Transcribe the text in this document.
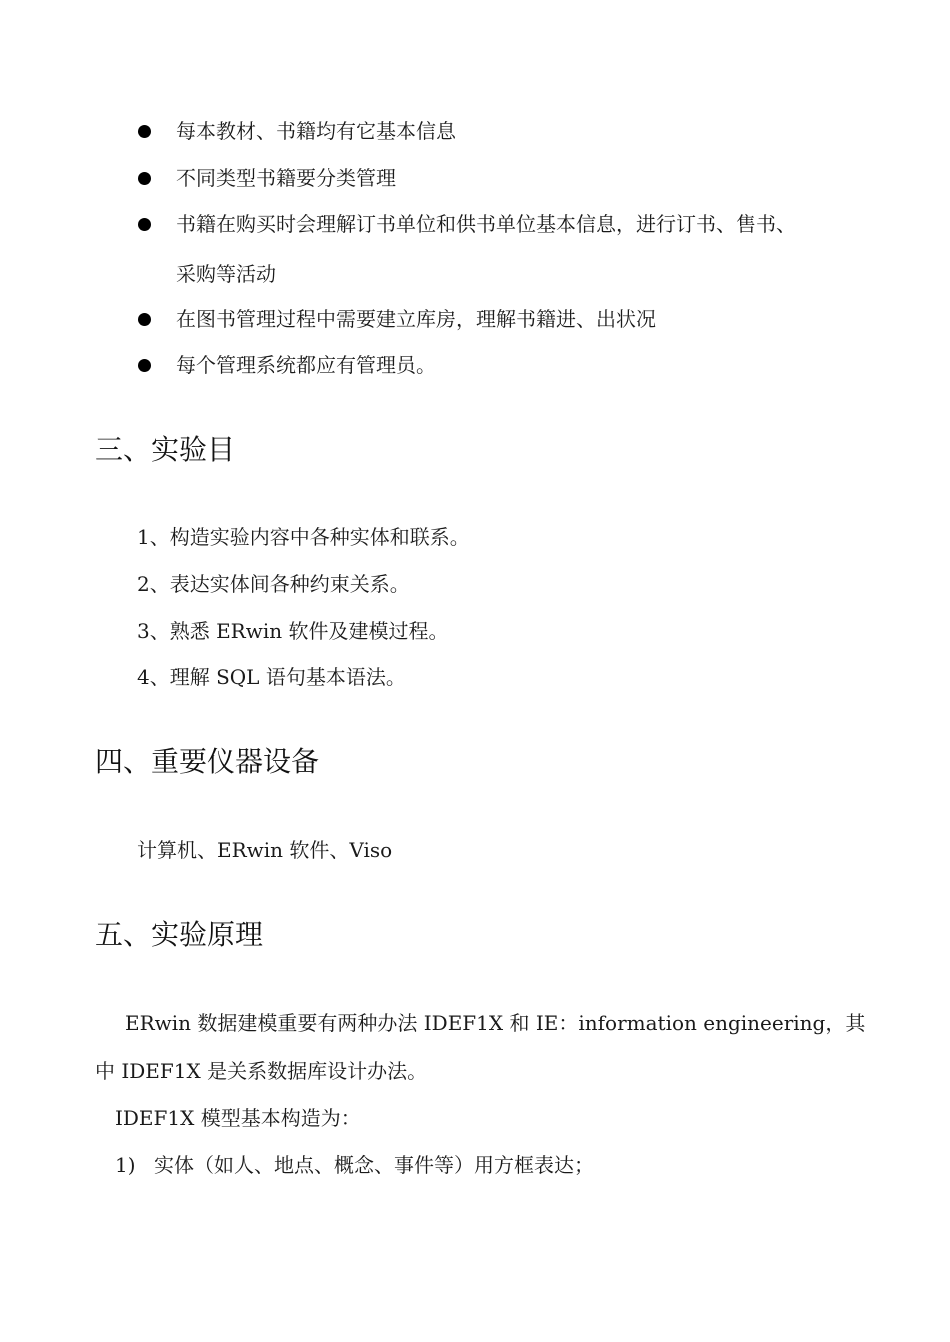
每本教材、书籍均有它基本信息
不同类型书籍要分类管理
书籍在购买时会理解订书单位和供书单位基本信息，进行订书、售书、
采购等活动
在图书管理过程中需要建立库房，理解书籍进、出状况
每个管理系统都应有管理员。
三、实验目
1、构造实验内容中各种实体和联系。
2、表达实体间各种约束关系。
3、熟悉 ERwin 软件及建模过程。
4、理解 SQL 语句基本语法。
四、重要仪器设备
计算机、ERwin 软件、Viso
五、实验原理
ERwin 数据建模重要有两种办法 IDEF1X 和 IE：information engineering，其
中 IDEF1X 是关系数据库设计办法。
IDEF1X 模型基本构造为：
1) 实体（如人、地点、概念、事件等）用方框表达；
